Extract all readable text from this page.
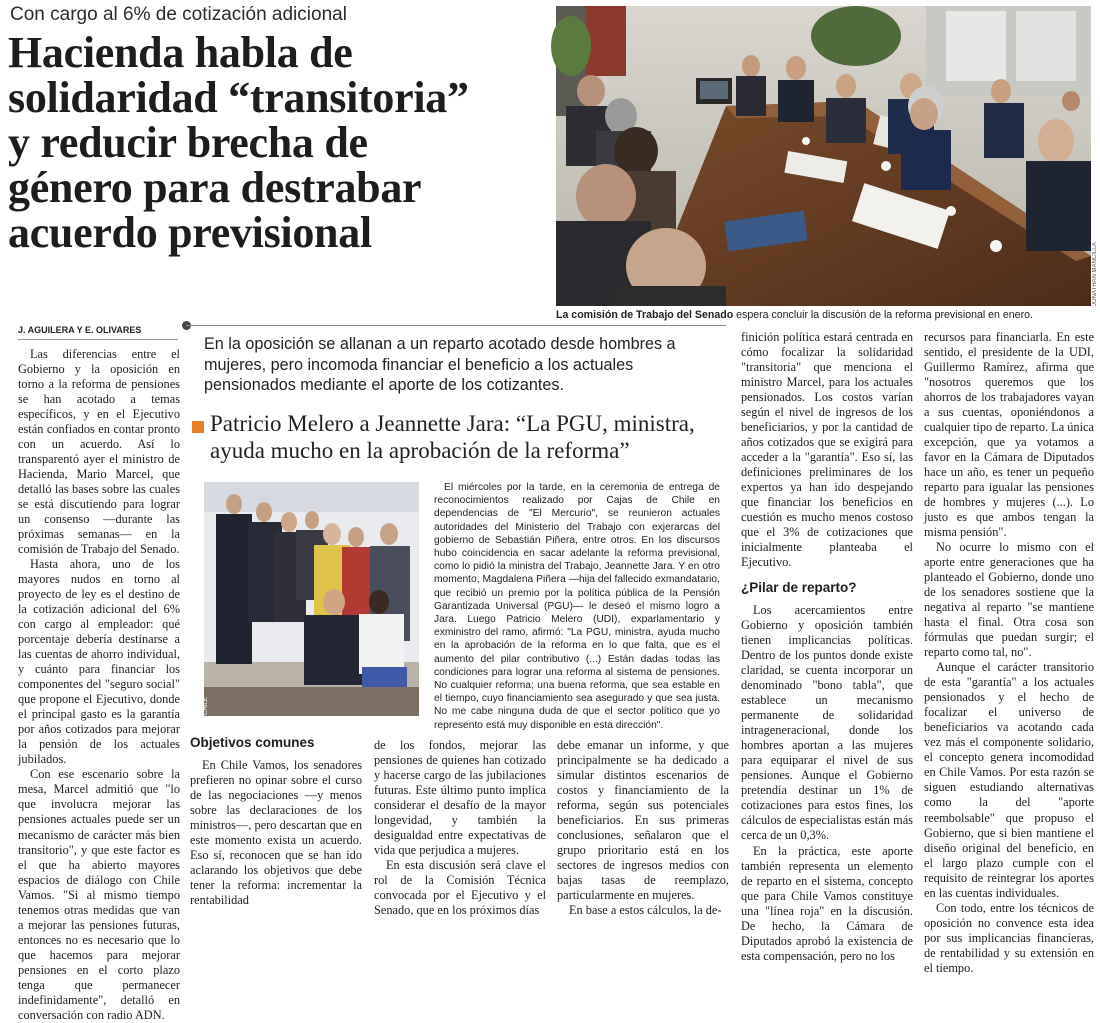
Con cargo al 6% de cotización adicional
Hacienda habla de
solidaridad “transitoria”
y reducir brecha de
género para destrabar
acuerdo previsional
JONATHAN MANCILLA
La comisión de Trabajo del Senado espera concluir la discusión de la reforma previsional en enero.
J. AGUILERA Y E. OLIVARES
En la oposición se allanan a un reparto acotado desde hombres a mujeres, pero incomoda financiar el beneficio a los actuales pensionados mediante el aporte de los cotizantes.
Patricio Melero a Jeannette Jara: “La PGU, ministra, ayuda mucho en la aprobación de la reforma”
CAJAS DE CHILE

El miércoles por la tarde, en la ceremonia de entrega de reconocimientos realizado por Cajas de Chile en dependencias de "El Mercurio", se reunieron actuales autoridades del Ministerio del Trabajo con exjerarcas del gobierno de Sebastián Piñera, entre otros. En los discursos hubo coincidencia en sacar adelante la reforma previsional, como lo pidió la ministra del Trabajo, Jeannette Jara. Y en otro momento, Magdalena Piñera —hija del fallecido exmandatario, que recibió un premio por la política pública de la Pensión Garantizada Universal (PGU)— le deseó el mismo logro a Jara. Luego Patricio Melero (UDI), exparlamentario y exministro del ramo, afirmó: "La PGU, ministra, ayuda mucho en la aprobación de la reforma en lo que falta, que es el aumento del pilar contributivo (...) Están dadas todas las condiciones para lograr una reforma al sistema de pensiones. No cualquier reforma; una buena reforma, que sea estable en el tiempo, cuyo financiamiento sea asegurado y que sea justa. No me cabe ninguna duda de que el sector político que yo represento está muy disponible en esta dirección".

Las diferencias entre el Gobierno y la oposición en torno a la reforma de pensiones se han acotado a temas específicos, y en el Ejecutivo están confiados en contar pronto con un acuerdo. Así lo transparentó ayer el ministro de Hacienda, Mario Marcel, que detalló las bases sobre las cuales se está discutiendo para lograr un consenso —durante las próximas semanas— en la comisión de Trabajo del Senado.

Hasta ahora, uno de los mayores nudos en torno al proyecto de ley es el destino de la cotización adicional del 6% con cargo al empleador: qué porcentaje debería destinarse a las cuentas de ahorro individual, y cuánto para financiar los componentes del "seguro social" que propone el Ejecutivo, donde el principal gasto es la garantía por años cotizados para mejorar la pensión de los actuales jubilados.

Con ese escenario sobre la mesa, Marcel admitió que "lo que involucra mejorar las pensiones actuales puede ser un mecanismo de carácter más bien transitorio", y que este factor es el que ha abierto mayores espacios de diálogo con Chile Vamos. "Si al mismo tiempo tenemos otras medidas que van a mejorar las pensiones futuras, entonces no es necesario que lo que hacemos para mejorar pensiones en el corto plazo tenga que permanecer indefinidamente", detalló en conversación con radio ADN.

Objetivos comunes

En Chile Vamos, los senadores prefieren no opinar sobre el curso de las negociaciones —y menos sobre las declaraciones de los ministros—, pero descartan que en este momento exista un acuerdo. Eso sí, reconocen que se han ido aclarando los objetivos que debe tener la reforma: incrementar la rentabilidad

de los fondos, mejorar las pensiones de quienes han cotizado y hacerse cargo de las jubilaciones futuras. Este último punto implica considerar el desafío de la mayor longevidad, y también la desigualdad entre expectativas de vida que perjudica a mujeres.

En esta discusión será clave el rol de la Comisión Técnica convocada por el Ejecutivo y el Senado, que en los próximos días

debe emanar un informe, y que principalmente se ha dedicado a simular distintos escenarios de costos y financiamiento de la reforma, según sus potenciales beneficiarios. En sus primeras conclusiones, señalaron que el grupo prioritario está en los sectores de ingresos medios con bajas tasas de reemplazo, particularmente en mujeres.

En base a estos cálculos, la de-

finición política estará centrada en cómo focalizar la solidaridad "transitoria" que menciona el ministro Marcel, para los actuales pensionados. Los costos varían según el nivel de ingresos de los beneficiarios, y por la cantidad de años cotizados que se exigirá para acceder a la "garantía". Eso sí, las definiciones preliminares de los expertos ya han ido despejando que financiar los beneficios en cuestión es mucho menos costoso que el 3% de cotizaciones que inicialmente planteaba el Ejecutivo.

¿Pilar de reparto?

Los acercamientos entre Gobierno y oposición también tienen implicancias políticas. Dentro de los puntos donde existe claridad, se cuenta incorporar un denominado "bono tabla", que establece un mecanismo permanente de solidaridad intrageneracional, donde los hombres aportan a las mujeres para equiparar el nivel de sus pensiones. Aunque el Gobierno pretendía destinar un 1% de cotizaciones para estos fines, los cálculos de especialistas están más cerca de un 0,3%.

En la práctica, este aporte también representa un elemento de reparto en el sistema, concepto que para Chile Vamos constituye una "línea roja" en la discusión. De hecho, la Cámara de Diputados aprobó la existencia de esta compensación, pero no los

recursos para financiarla. En este sentido, el presidente de la UDI, Guillermo Ramírez, afirma que "nosotros queremos que los ahorros de los trabajadores vayan a sus cuentas, oponiéndonos a cualquier tipo de reparto. La única excepción, que ya votamos a favor en la Cámara de Diputados hace un año, es tener un pequeño reparto para igualar las pensiones de hombres y mujeres (...). Lo justo es que ambos tengan la misma pensión".

No ocurre lo mismo con el aporte entre generaciones que ha planteado el Gobierno, donde uno de los senadores sostiene que la negativa al reparto "se mantiene hasta el final. Otra cosa son fórmulas que puedan surgir; el reparto como tal, no".

Aunque el carácter transitorio de esta "garantía" a los actuales pensionados y el hecho de focalizar el universo de beneficiarios va acotando cada vez más el componente solidario, el concepto genera incomodidad en Chile Vamos. Por esta razón se siguen estudiando alternativas como la del "aporte reembolsable" que propuso el Gobierno, que si bien mantiene el diseño original del beneficio, en el largo plazo cumple con el requisito de reintegrar los aportes en las cuentas individuales.

Con todo, entre los técnicos de oposición no convence esta idea por sus implicancias financieras, de rentabilidad y su extensión en el tiempo.
